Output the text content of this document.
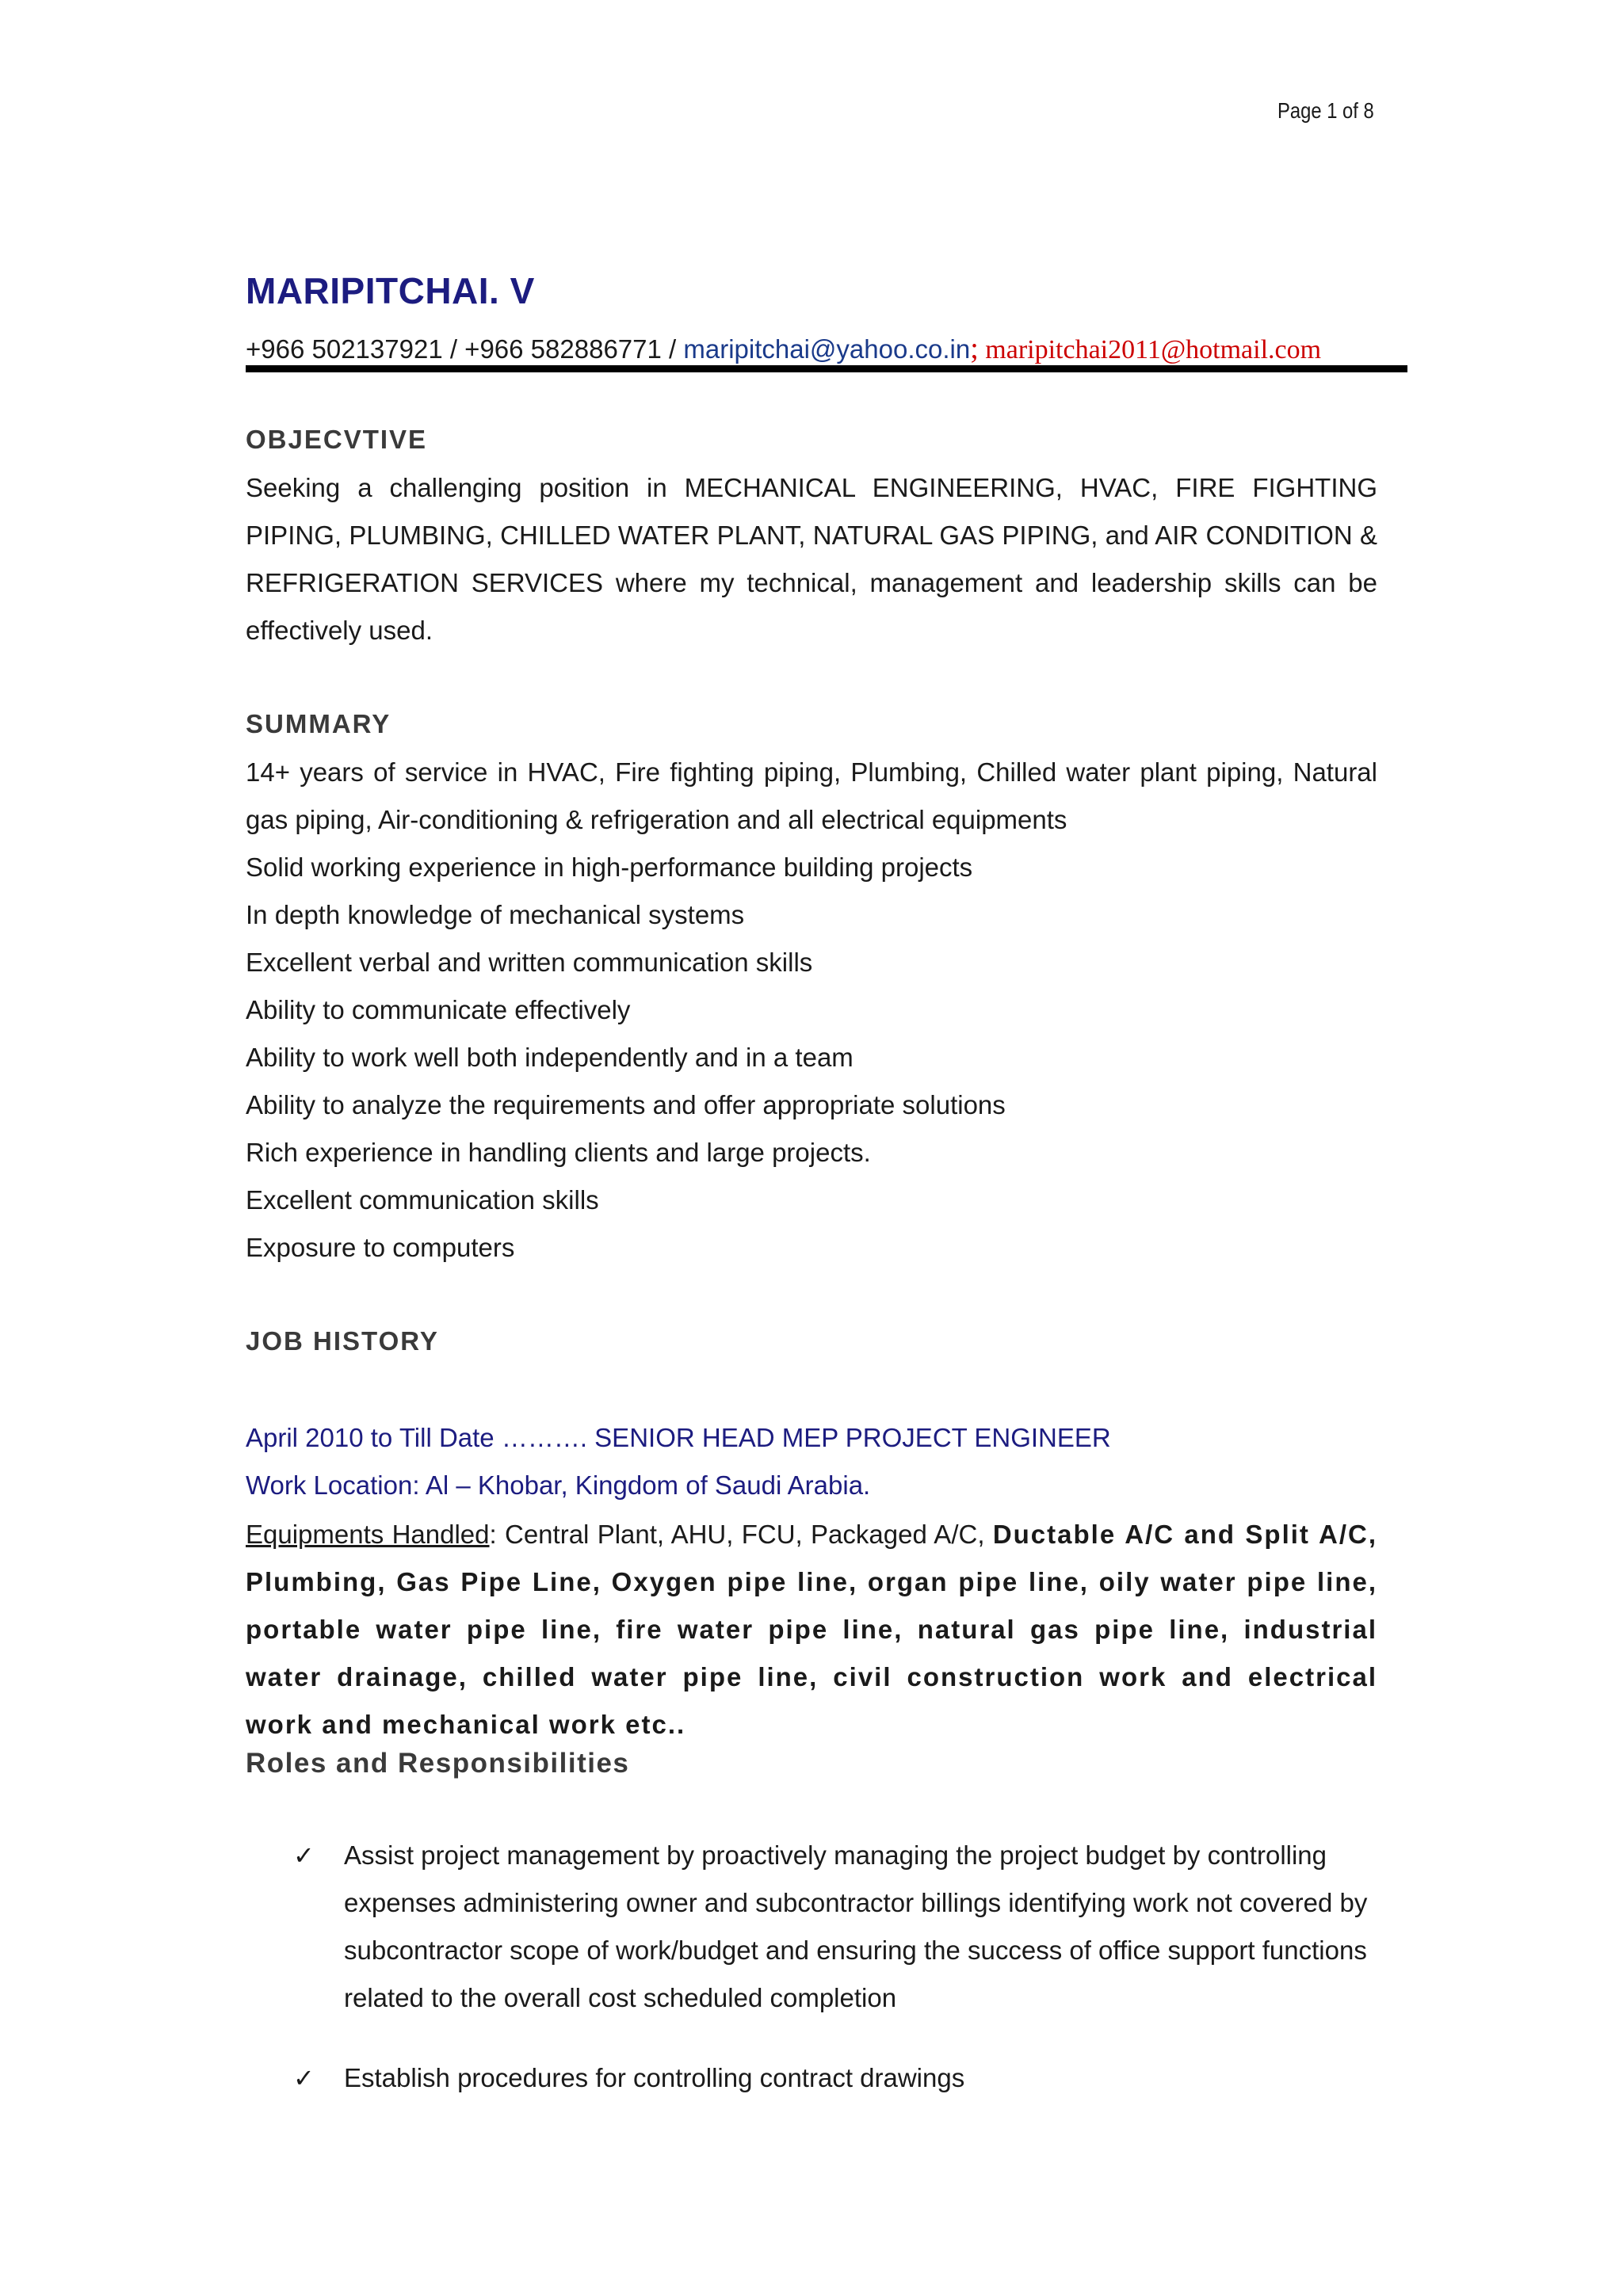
Page 1 of 8
MARIPITCHAI. V
+966 502137921 / +966 582886771 / maripitchai@yahoo.co.in; maripitchai2011@hotmail.com
OBJECVTIVE
Seeking a challenging position in MECHANICAL ENGINEERING, HVAC, FIRE FIGHTING PIPING, PLUMBING, CHILLED WATER PLANT, NATURAL GAS PIPING, and AIR CONDITION & REFRIGERATION SERVICES where my technical, management and leadership skills can be effectively used.
SUMMARY
14+ years of service in HVAC, Fire fighting piping, Plumbing, Chilled water plant piping, Natural gas piping, Air-conditioning & refrigeration and all electrical equipments
Solid working experience in high-performance building projects
In depth knowledge of mechanical systems
Excellent verbal and written communication skills
Ability to communicate effectively
Ability to work well both independently and in a team
Ability to analyze the requirements and offer appropriate solutions
Rich experience in handling clients and large projects.
Excellent communication skills
Exposure to computers
JOB HISTORY
April 2010 to Till Date ………. SENIOR HEAD MEP PROJECT ENGINEER
Work Location: Al – Khobar, Kingdom of Saudi Arabia.
Equipments Handled: Central Plant, AHU, FCU, Packaged A/C, Ductable A/C and Split A/C, Plumbing, Gas Pipe Line, Oxygen pipe line, organ pipe line, oily water pipe line, portable water pipe line, fire water pipe line, natural gas pipe line, industrial water drainage, chilled water pipe line, civil construction work and electrical work and mechanical work etc..
Roles and Responsibilities
✓ Assist project management by proactively managing the project budget by controlling expenses administering owner and subcontractor billings identifying work not covered by subcontractor scope of work/budget and ensuring the success of office support functions related to the overall cost scheduled completion
✓ Establish procedures for controlling contract drawings
